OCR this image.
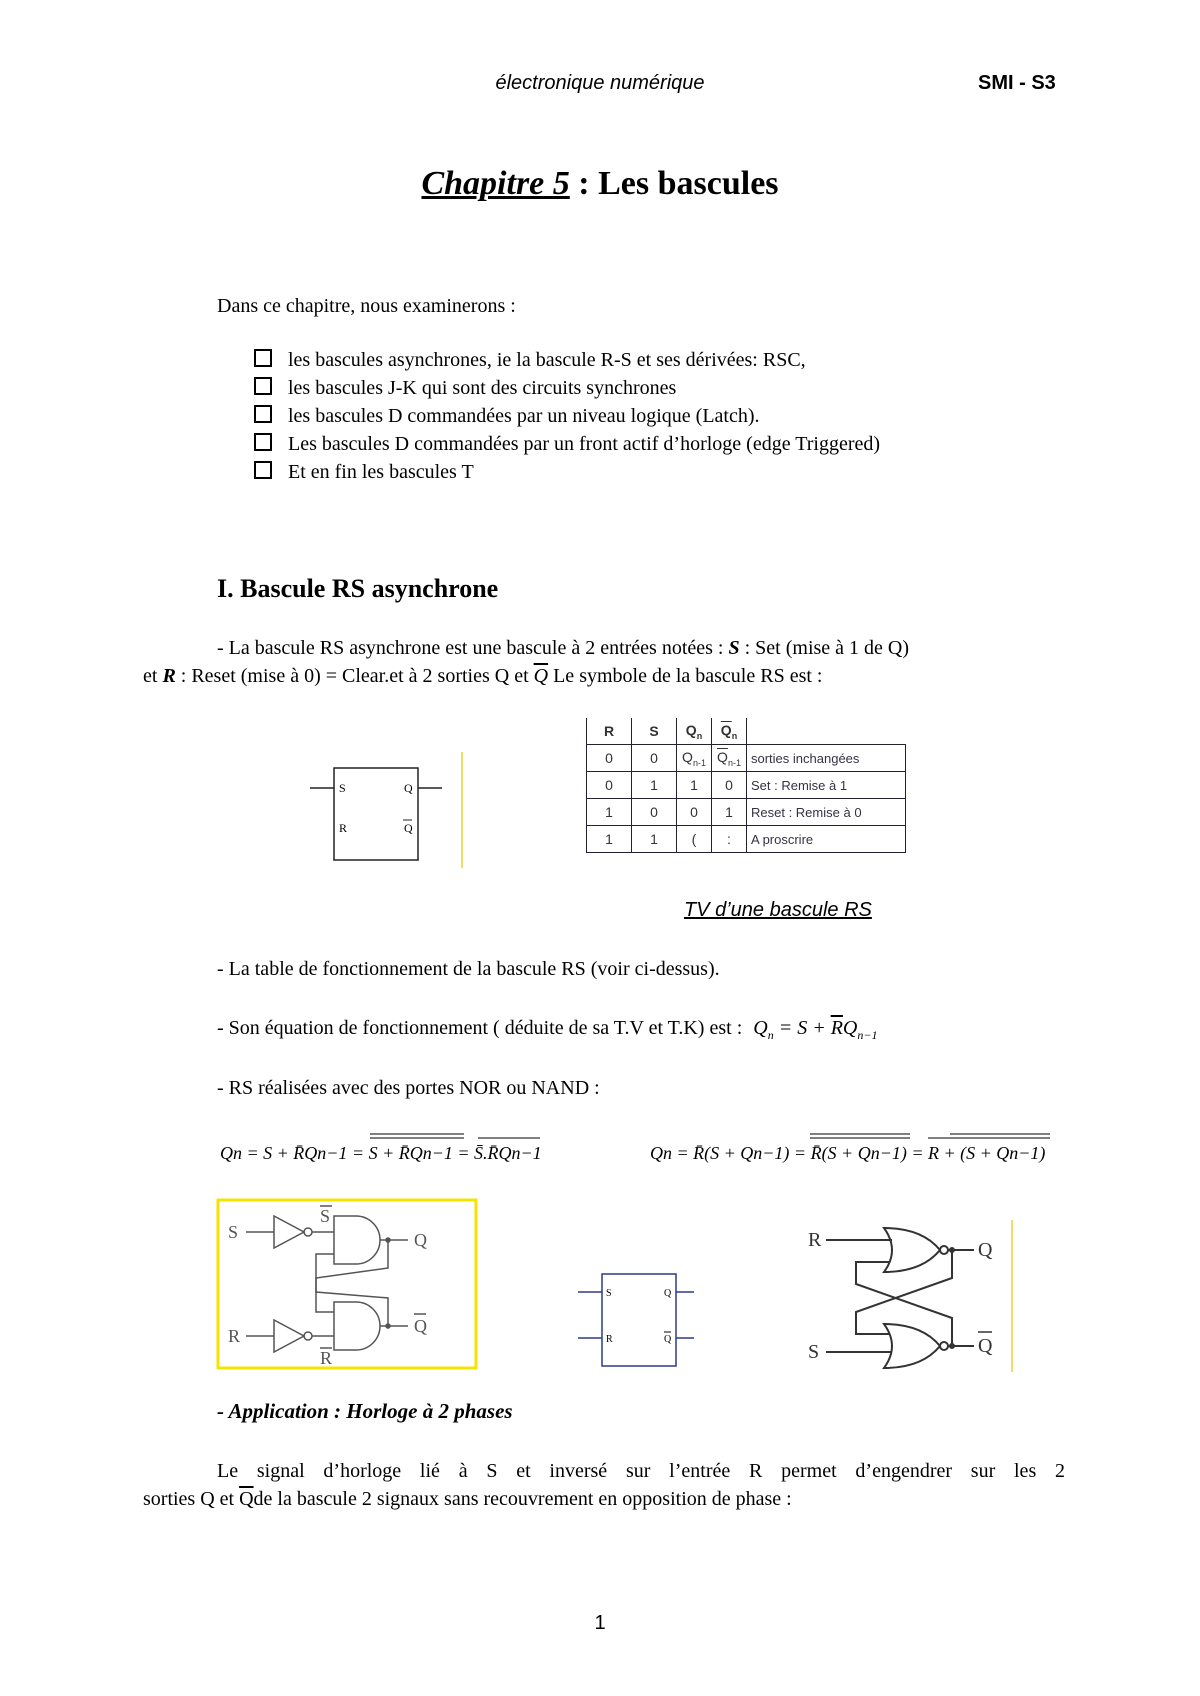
électronique numérique	SMI - S3
Chapitre 5 : Les bascules
Dans ce chapitre, nous examinerons :
les bascules asynchrones, ie la bascule R-S et ses dérivées: RSC,
les bascules J-K qui sont des circuits synchrones
les bascules D commandées par un niveau logique (Latch).
Les bascules D commandées par un front actif d’horloge (edge Triggered)
Et en fin les bascules T
I. Bascule RS asynchrone
- La bascule RS asynchrone est une bascule à 2 entrées notées : S : Set (mise à 1 de Q)
et R : Reset (mise à 0) = Clear.et à 2 sorties Q et $\overline{Q}$ Le symbole de la bascule RS est :
S
R
Q
Q
R	S	$Q_n$	$\overline{Q}_n$	
0	0	$Q_{n-1}$	$\overline{Q}_{n-1}$	sorties inchangées
0	1	1	0	Set : Remise à 1
1	0	0	1	Reset : Remise à 0
1	1	(	:	A proscrire
TV d’une bascule RS
- La table de fonctionnement de la bascule RS (voir ci-dessus).
- Son équation de fonctionnement ( déduite de sa T.V et T.K) est : $Q_n = S + \overline{R}Q_{n-1}$
- RS réalisées avec des portes NOR ou NAND :
Qn = S + R̄Qn−1 = S + R̄Qn−1 = S̄.R̄Qn−1	Qn = R̄(S + Qn−1) = R̄(S + Qn−1) = R + (S + Qn−1)
S
S
R
R
Q
Q
S
R
Q
Q
R
S
Q
Q
- Application : Horloge à 2 phases
Le signal d’horloge lié à S et inversé sur l’entrée R permet d’engendrer sur les 2
sorties Q et $\overline{Q}de$ la bascule 2 signaux sans recouvrement en opposition de phase :
1
